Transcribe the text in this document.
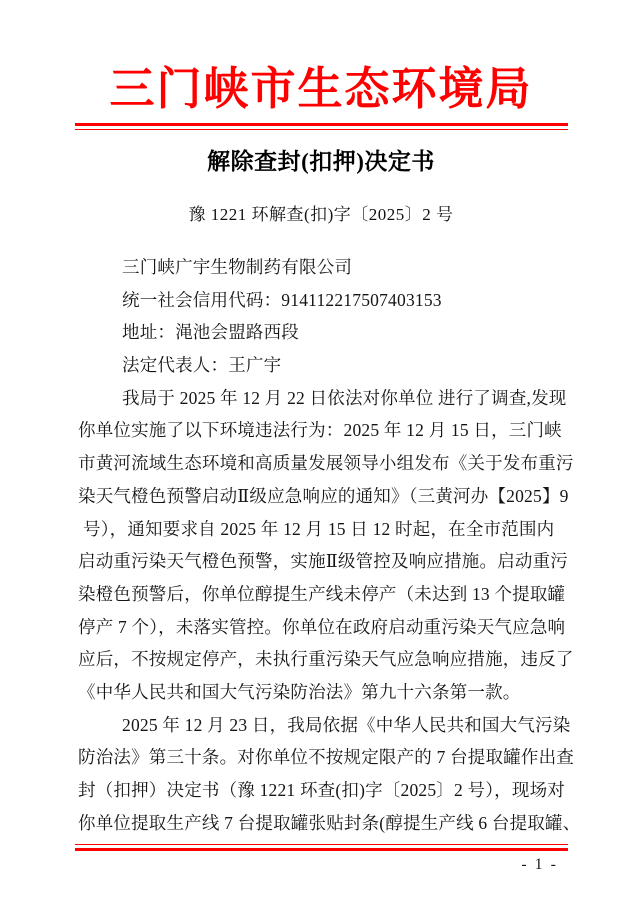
三门峡市生态环境局
解除查封(扣押)决定书
豫 1221 环解查(扣)字〔2025〕2 号
三门峡广宇生物制药有限公司
统一社会信用代码：914112217507403153
地址：渑池会盟路西段
法定代表人：王广宇
我局于 2025 年 12 月 22 日依法对你单位 进行了调查,发现
你单位实施了以下环境违法行为：2025 年 12 月 15 日，三门峡
市黄河流域生态环境和高质量发展领导小组发布《关于发布重污
染天气橙色预警启动Ⅱ级应急响应的通知》（三黄河办【2025】9
号），通知要求自 2025 年 12 月 15 日 12 时起，在全市范围内
启动重污染天气橙色预警，实施Ⅱ级管控及响应措施。启动重污
染橙色预警后，你单位醇提生产线未停产（未达到 13 个提取罐
停产 7 个），未落实管控。你单位在政府启动重污染天气应急响
应后，不按规定停产，未执行重污染天气应急响应措施，违反了
《中华人民共和国大气污染防治法》第九十六条第一款。
2025 年 12 月 23 日，我局依据《中华人民共和国大气污染
防治法》第三十条。对你单位不按规定限产的 7 台提取罐作出查
封（扣押）决定书（豫 1221 环查(扣)字〔2025〕2 号），现场对
你单位提取生产线 7 台提取罐张贴封条(醇提生产线 6 台提取罐、
- 1 -
